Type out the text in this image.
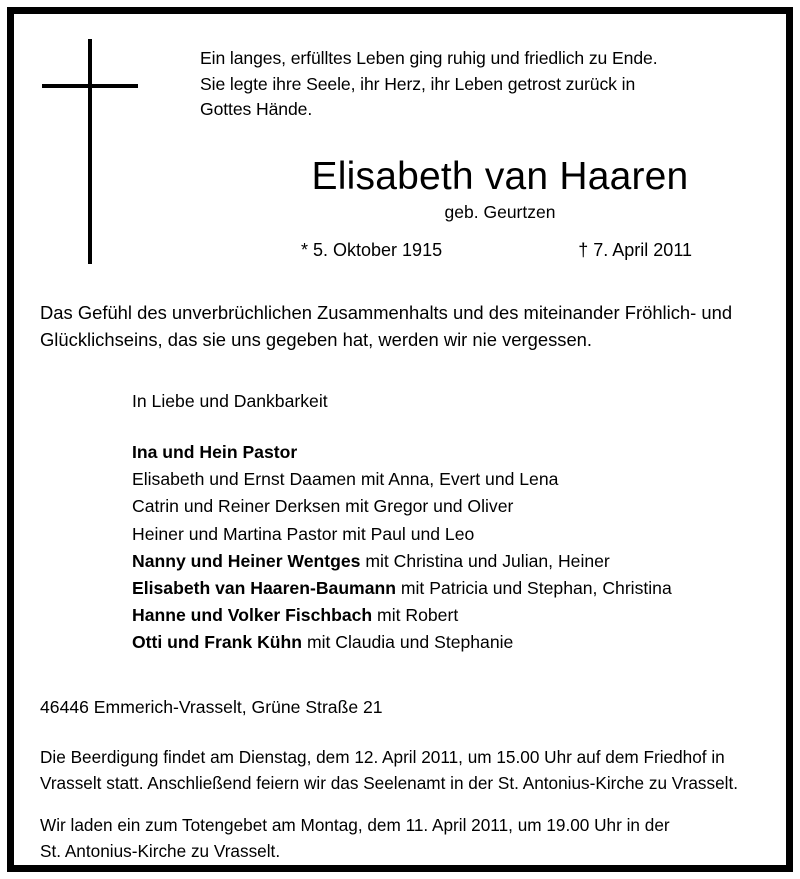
Ein langes, erfülltes Leben ging ruhig und friedlich zu Ende.
Sie legte ihre Seele, ihr Herz, ihr Leben getrost zurück in
Gottes Hände.
Elisabeth van Haaren
geb. Geurtzen
* 5. Oktober 1915	† 7. April 2011
Das Gefühl des unverbrüchlichen Zusammenhalts und des miteinander Fröhlich- und
Glücklichseins, das sie uns gegeben hat, werden wir nie vergessen.
In Liebe und Dankbarkeit
Ina und Hein Pastor
Elisabeth und Ernst Daamen mit Anna, Evert und Lena
Catrin und Reiner Derksen mit Gregor und Oliver
Heiner und Martina Pastor mit Paul und Leo
Nanny und Heiner Wentges mit Christina und Julian, Heiner
Elisabeth van Haaren-Baumann mit Patricia und Stephan, Christina
Hanne und Volker Fischbach mit Robert
Otti und Frank Kühn mit Claudia und Stephanie
46446 Emmerich-Vrasselt, Grüne Straße 21
Die Beerdigung findet am Dienstag, dem 12. April 2011, um 15.00 Uhr auf dem Friedhof in
Vrasselt statt. Anschließend feiern wir das Seelenamt in der St. Antonius-Kirche zu Vrasselt.
Wir laden ein zum Totengebet am Montag, dem 11. April 2011, um 19.00 Uhr in der
St. Antonius-Kirche zu Vrasselt.
